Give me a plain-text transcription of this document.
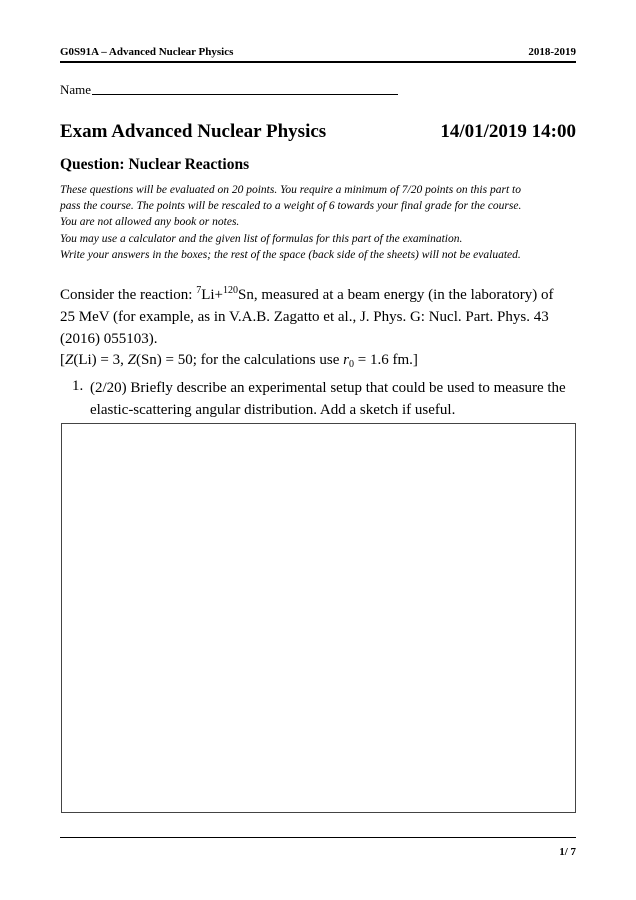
G0S91A – Advanced Nuclear Physics	2018-2019
Name
Exam Advanced Nuclear Physics	14/01/2019 14:00
Question: Nuclear Reactions
These questions will be evaluated on 20 points. You require a minimum of 7/20 points on this part to
pass the course. The points will be rescaled to a weight of 6 towards your final grade for the course.
You are not allowed any book or notes.
You may use a calculator and the given list of formulas for this part of the examination.
Write your answers in the boxes; the rest of the space (back side of the sheets) will not be evaluated.
Consider the reaction: $^7$Li+$^{120}$Sn, measured at a beam energy (in the laboratory) of
25 MeV (for example, as in V.A.B. Zagatto et al., J. Phys. G: Nucl. Part. Phys. 43
(2016) 055103).
[Z(Li) = 3, Z(Sn) = 50; for the calculations use $r_0 = 1.6$ fm.]
1. (2/20) Briefly describe an experimental setup that could be used to measure the
elastic-scattering angular distribution. Add a sketch if useful.
1/ 7
